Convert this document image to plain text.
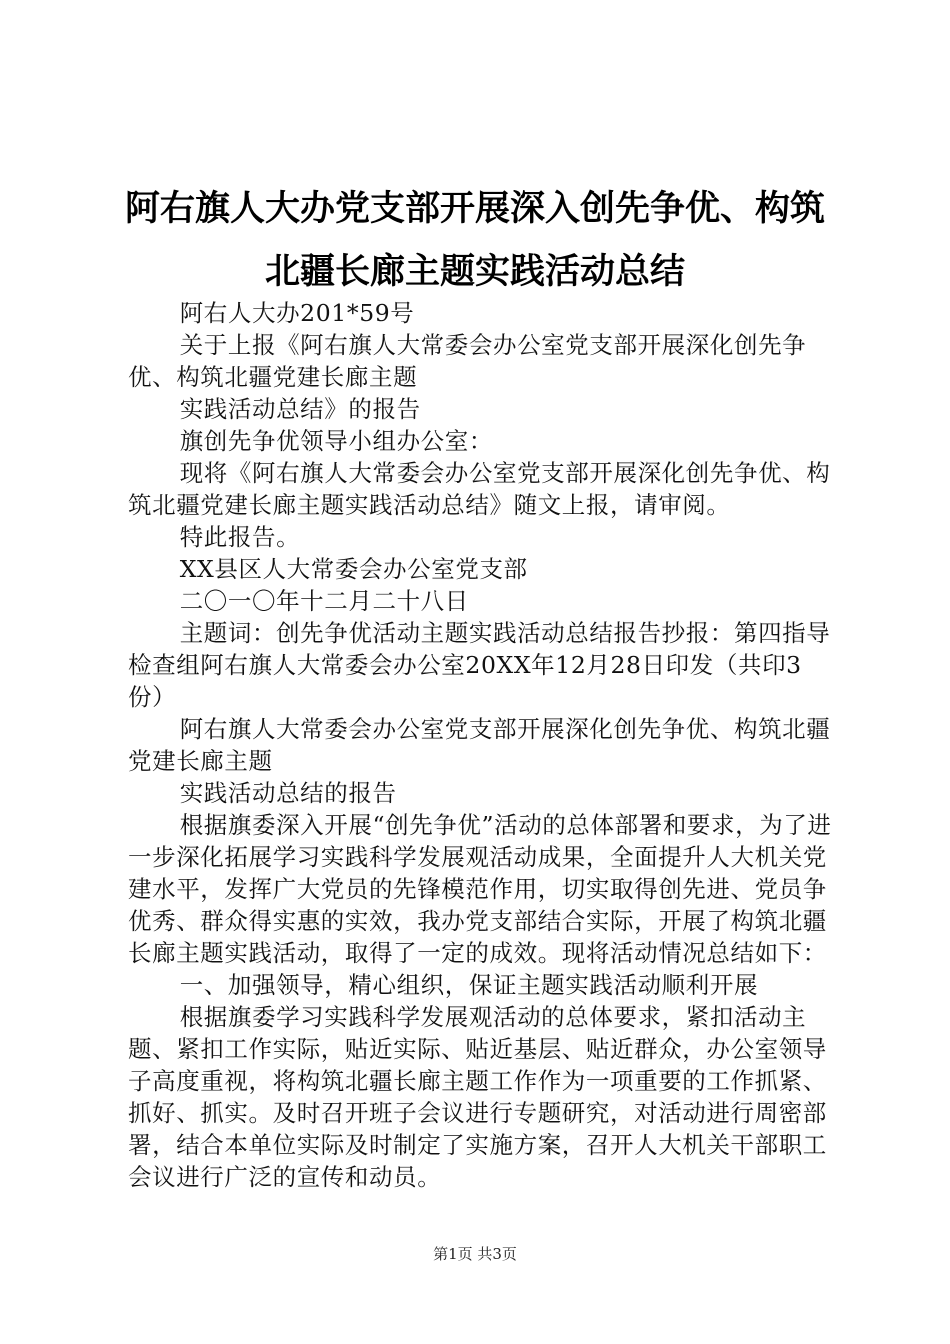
阿右旗人大办党支部开展深入创先争优、构筑
北疆长廊主题实践活动总结

阿右人大办201*59号

关于上报《阿右旗人大常委会办公室党支部开展深化创先争优、构筑北疆党建长廊主题

实践活动总结》的报告

旗创先争优领导小组办公室：

现将《阿右旗人大常委会办公室党支部开展深化创先争优、构筑北疆党建长廊主题实践活动总结》随文上报，请审阅。

特此报告。

XX县区人大常委会办公室党支部

二〇一〇年十二月二十八日

主题词：创先争优活动主题实践活动总结报告抄报：第四指导检查组阿右旗人大常委会办公室20XX年12月28日印发（共印3份）

阿右旗人大常委会办公室党支部开展深化创先争优、构筑北疆党建长廊主题

实践活动总结的报告

根据旗委深入开展“创先争优”活动的总体部署和要求，为了进一步深化拓展学习实践科学发展观活动成果，全面提升人大机关党建水平，发挥广大党员的先锋模范作用，切实取得创先进、党员争优秀、群众得实惠的实效，我办党支部结合实际，开展了构筑北疆长廊主题实践活动，取得了一定的成效。现将活动情况总结如下：

一、加强领导，精心组织，保证主题实践活动顺利开展

根据旗委学习实践科学发展观活动的总体要求，紧扣活动主题、紧扣工作实际，贴近实际、贴近基层、贴近群众，办公室领导子高度重视，将构筑北疆长廊主题工作作为一项重要的工作抓紧、抓好、抓实。及时召开班子会议进行专题研究，对活动进行周密部署，结合本单位实际及时制定了实施方案，召开人大机关干部职工会议进行广泛的宣传和动员。

第1页 共3页
